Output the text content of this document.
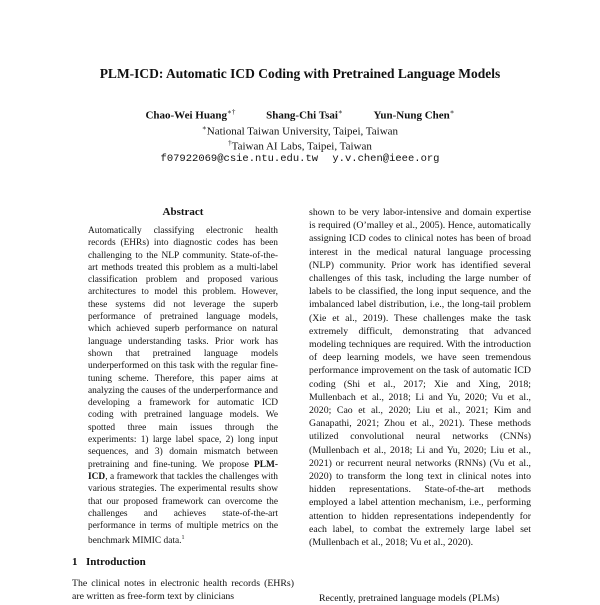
PLM-ICD: Automatic ICD Coding with Pretrained Language Models
Chao-Wei Huang∗†	Shang-Chi Tsai∗	Yun-Nung Chen∗
∗National Taiwan University, Taipei, Taiwan
†Taiwan AI Labs, Taipei, Taiwan
f07922069@csie.ntu.edu.tw y.v.chen@ieee.org
Abstract

Automatically classifying electronic health records (EHRs) into diagnostic codes has been challenging to the NLP community. State-of-the-art methods treated this problem as a multi-label classification problem and proposed various architectures to model this problem. However, these systems did not leverage the superb performance of pretrained language models, which achieved superb performance on natural language understanding tasks. Prior work has shown that pretrained language models underperformed on this task with the regular fine-tuning scheme. Therefore, this paper aims at analyzing the causes of the underperformance and developing a framework for automatic ICD coding with pretrained language models. We spotted three main issues through the experiments: 1) large label space, 2) long input sequences, and 3) domain mismatch between pretraining and fine-tuning. We propose PLM-ICD, a framework that tackles the challenges with various strategies. The experimental results show that our proposed framework can overcome the challenges and achieves state-of-the-art performance in terms of multiple metrics on the benchmark MIMIC data.$^1$

1 Introduction

The clinical notes in electronic health records (EHRs) are written as free-form text by clinicians

shown to be very labor-intensive and domain expertise is required (O’malley et al., 2005). Hence, automatically assigning ICD codes to clinical notes has been of broad interest in the medical natural language processing (NLP) community. Prior work has identified several challenges of this task, including the large number of labels to be classified, the long input sequence, and the imbalanced label distribution, i.e., the long-tail problem (Xie et al., 2019). These challenges make the task extremely difficult, demonstrating that advanced modeling techniques are required. With the introduction of deep learning models, we have seen tremendous performance improvement on the task of automatic ICD coding (Shi et al., 2017; Xie and Xing, 2018; Mullenbach et al., 2018; Li and Yu, 2020; Vu et al., 2020; Cao et al., 2020; Liu et al., 2021; Kim and Ganapathi, 2021; Zhou et al., 2021). These methods utilized convolutional neural networks (CNNs) (Mullenbach et al., 2018; Li and Yu, 2020; Liu et al., 2021) or recurrent neural networks (RNNs) (Vu et al., 2020) to transform the long text in clinical notes into hidden representations. State-of-the-art methods employed a label attention mechanism, i.e., performing attention to hidden representations independently for each label, to combat the extremely large label set (Mullenbach et al., 2018; Vu et al., 2020).

Recently, pretrained language models (PLMs)
